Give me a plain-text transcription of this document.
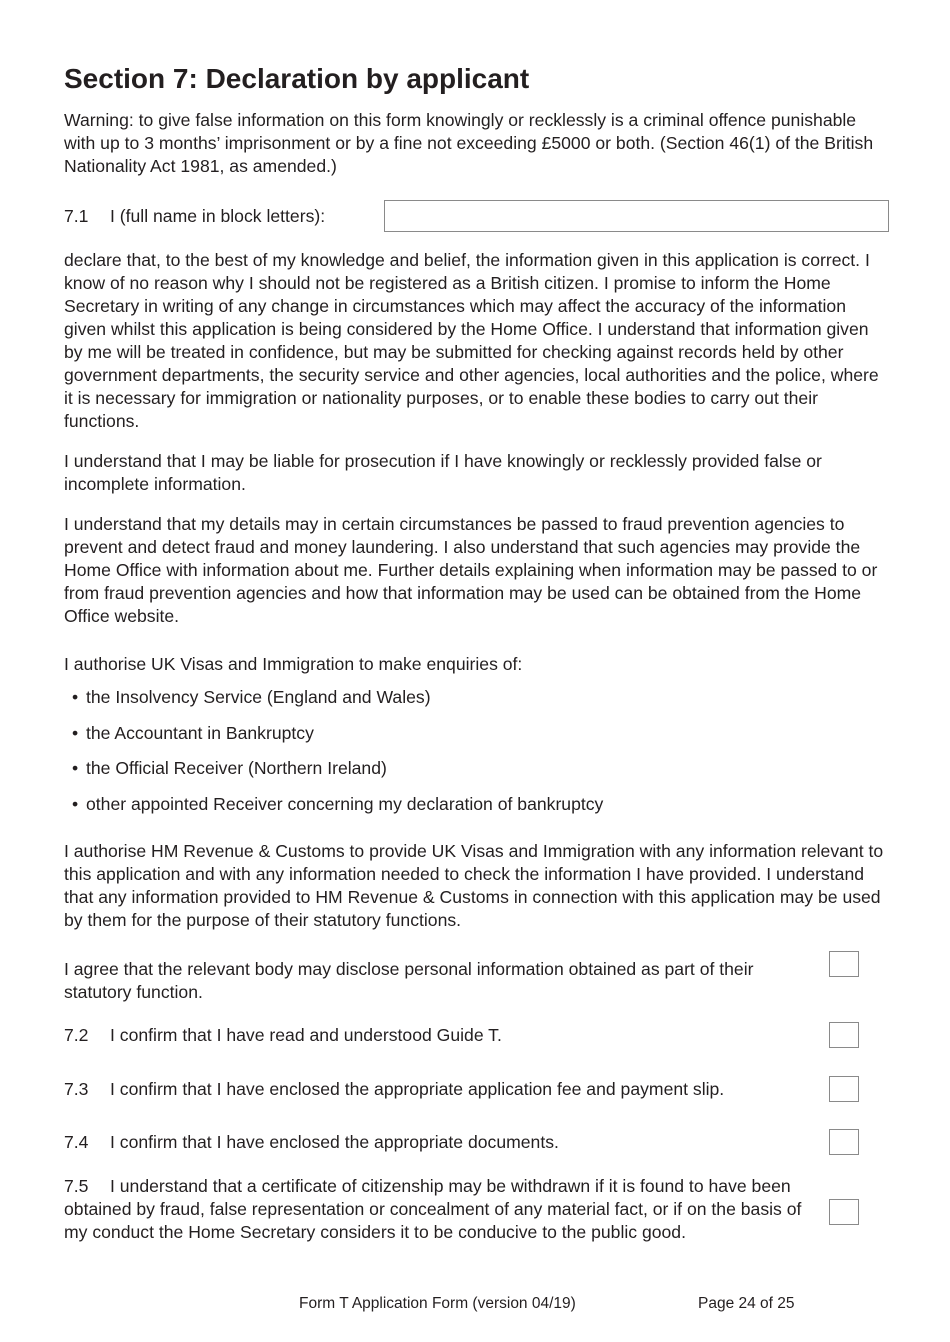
Section 7: Declaration by applicant

Warning: to give false information on this form knowingly or recklessly is a criminal offence punishable with up to 3 months’ imprisonment or by a fine not exceeding £5000 or both. (Section 46(1) of the British Nationality Act 1981, as amended.)

7.1 I (full name in block letters):

declare that, to the best of my knowledge and belief, the information given in this application is correct. I know of no reason why I should not be registered as a British citizen. I promise to inform the Home Secretary in writing of any change in circumstances which may affect the accuracy of the information given whilst this application is being considered by the Home Office. I understand that information given by me will be treated in confidence, but may be submitted for checking against records held by other government departments, the security service and other agencies, local authorities and the police, where it is necessary for immigration or nationality purposes, or to enable these bodies to carry out their functions.

I understand that I may be liable for prosecution if I have knowingly or recklessly provided false or incomplete information.

I understand that my details may in certain circumstances be passed to fraud prevention agencies to prevent and detect fraud and money laundering. I also understand that such agencies may provide the Home Office with information about me. Further details explaining when information may be passed to or from fraud prevention agencies and how that information may be used can be obtained from the Home Office website.

I authorise UK Visas and Immigration to make enquiries of:

• the Insolvency Service (England and Wales)
• the Accountant in Bankruptcy
• the Official Receiver (Northern Ireland)
• other appointed Receiver concerning my declaration of bankruptcy

I authorise HM Revenue & Customs to provide UK Visas and Immigration with any information relevant to this application and with any information needed to check the information I have provided. I understand that any information provided to HM Revenue & Customs in connection with this application may be used by them for the purpose of their statutory functions.

I agree that the relevant body may disclose personal information obtained as part of their statutory function.

7.2 I confirm that I have read and understood Guide T.
7.3 I confirm that I have enclosed the appropriate application fee and payment slip.
7.4 I confirm that I have enclosed the appropriate documents.
7.5 I understand that a certificate of citizenship may be withdrawn if it is found to have been obtained by fraud, false representation or concealment of any material fact, or if on the basis of my conduct the Home Secretary considers it to be conducive to the public good.
Form T Application Form (version 04/19)	Page 24 of 25
